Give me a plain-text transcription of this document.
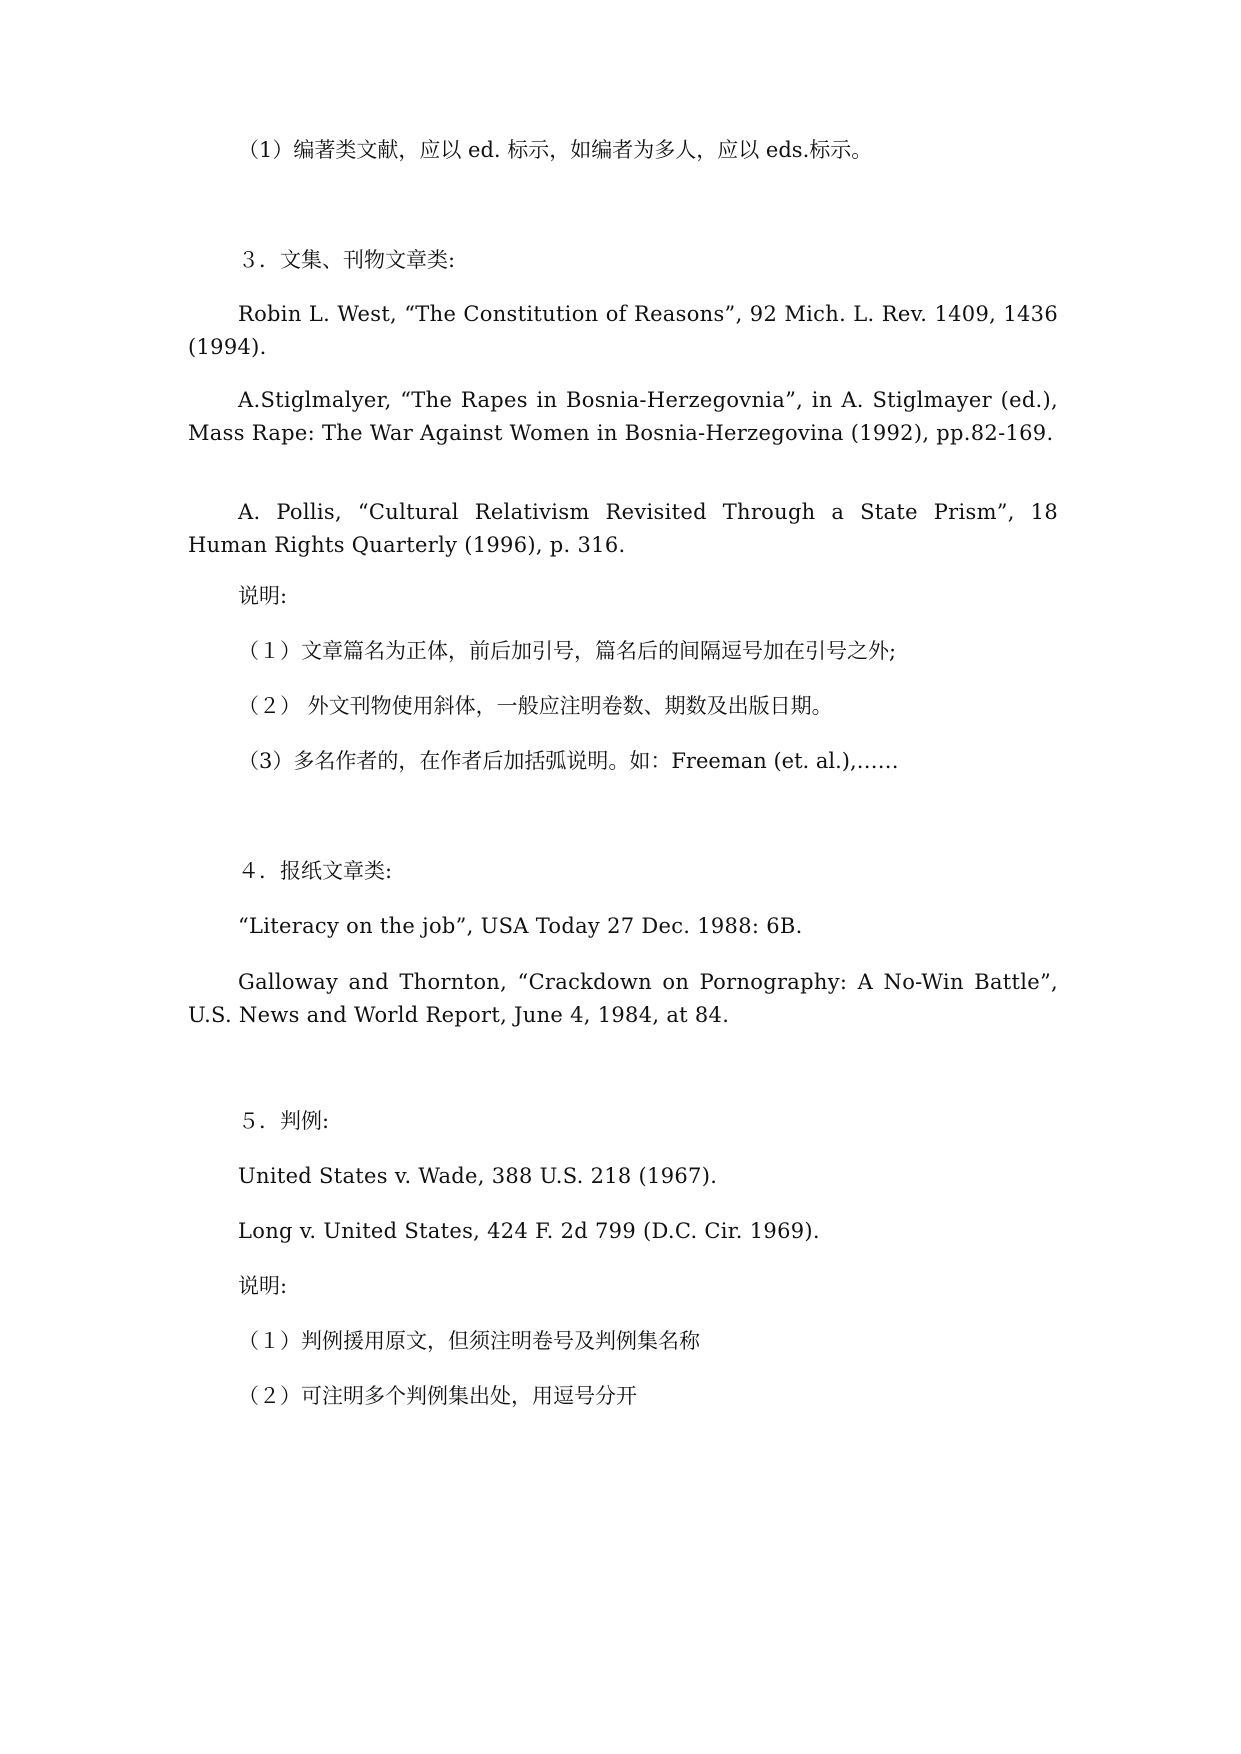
（1）编著类文献，应以 ed. 标示，如编者为多人，应以 eds.标示。

３．文集、刊物文章类:

Robin L. West, “The Constitution of Reasons”, 92 Mich. L. Rev. 1409, 1436 (1994).

A.Stiglmalyer, “The Rapes in Bosnia-Herzegovnia”, in A. Stiglmayer (ed.), Mass Rape: The War Against Women in Bosnia-Herzegovina (1992), pp.82-169.

A. Pollis, “Cultural Relativism Revisited Through a State Prism”, 18 Human Rights Quarterly (1996), p. 316.

说明:

（１）文章篇名为正体，前后加引号，篇名后的间隔逗号加在引号之外;

（２） 外文刊物使用斜体，一般应注明卷数、期数及出版日期。

（3）多名作者的，在作者后加括弧说明。如：Freeman (et. al.),……

４．报纸文章类:

“Literacy on the job”, USA Today 27 Dec. 1988: 6B.

Galloway and Thornton, “Crackdown on Pornography: A No-Win Battle”, U.S. News and World Report, June 4, 1984, at 84.

５．判例:

United States v. Wade, 388 U.S. 218 (1967).

Long v. United States, 424 F. 2d 799 (D.C. Cir. 1969).

说明:

（１）判例援用原文，但须注明卷号及判例集名称

（２）可注明多个判例集出处，用逗号分开
